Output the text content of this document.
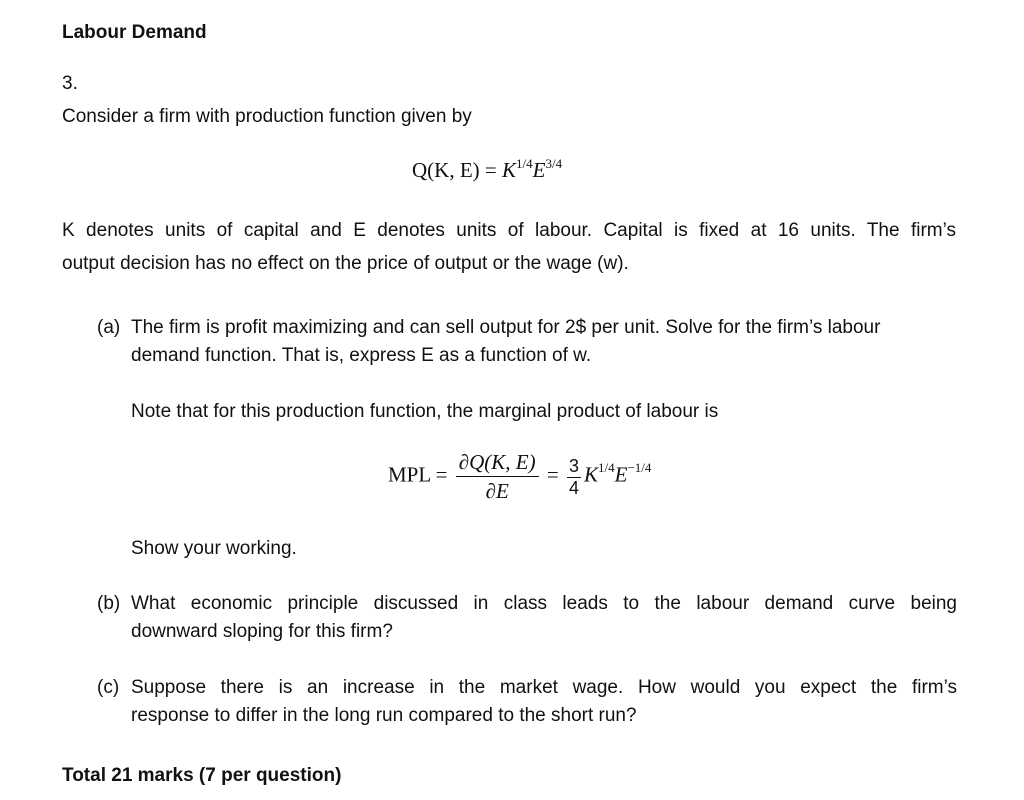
Labour Demand
3.
Consider a firm with production function given by
Q(K, $E) = K^{1/4}E^{3/4}$
K denotes units of capital and E denotes units of labour. Capital is fixed at 16 units. The firm’s
output decision has no effect on the price of output or the wage (w).
(a) The firm is profit maximizing and can sell output for 2$ per unit. Solve for the firm’s labour
demand function. That is, express E as a function of w.
Note that for this production function, the marginal product of labour is
MPL = $\frac{\partial Q(K, E)}{\partial E} = \frac{3}{4} K^{1/4}E^{-1/4}$
Show your working.
(b) What economic principle discussed in class leads to the labour demand curve being
downward sloping for this firm?
(c) Suppose there is an increase in the market wage. How would you expect the firm’s
response to differ in the long run compared to the short run?
Total 21 marks (7 per question)
